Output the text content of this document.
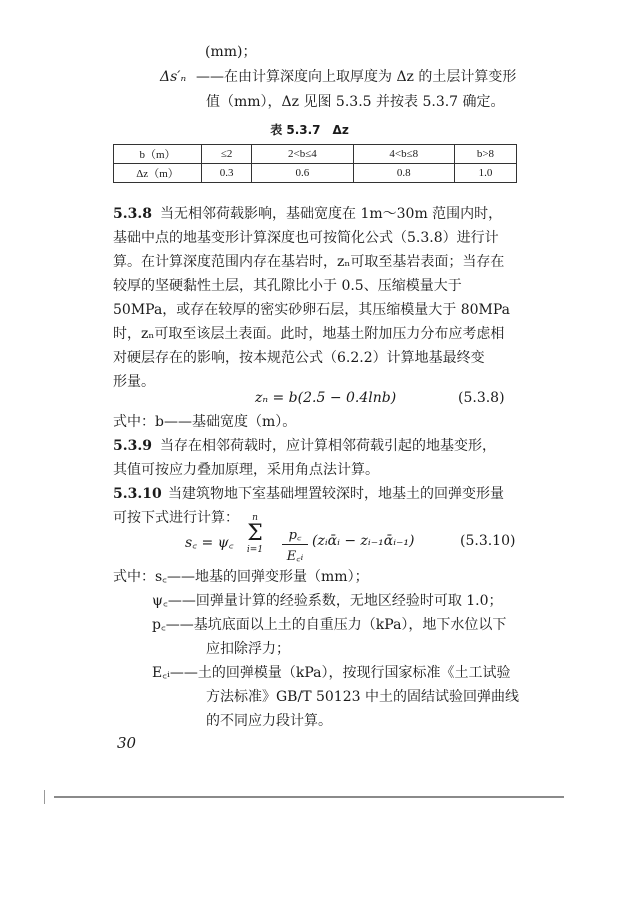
(mm)；
Δs′ₙ ——在由计算深度向上取厚度为 Δz 的土层计算变形
值（mm），Δz 见图 5.3.5 并按表 5.3.7 确定。
表 5.3.7　Δz
b（m）	≤2	2<b≤4	4<b≤8	b>8
Δz（m）	0.3	0.6	0.8	1.0
5.3.8 当无相邻荷载影响，基础宽度在 1m～30m 范围内时，
基础中点的地基变形计算深度也可按简化公式（5.3.8）进行计
算。在计算深度范围内存在基岩时，zₙ可取至基岩表面；当存在
较厚的坚硬黏性土层，其孔隙比小于 0.5、压缩模量大于
50MPa，或存在较厚的密实砂卵石层，其压缩模量大于 80MPa
时，zₙ可取至该层土表面。此时，地基土附加压力分布应考虑相
对硬层存在的影响，按本规范公式（6.2.2）计算地基最终变
形量。
zₙ = b(2.5 − 0.4lnb)	(5.3.8)
式中：b——基础宽度（m）。
5.3.9 当存在相邻荷载时，应计算相邻荷载引起的地基变形，
其值可按应力叠加原理，采用角点法计算。
5.3.10 当建筑物地下室基础埋置较深时，地基土的回弹变形量
可按下式进行计算：
s꜀ = ψ꜀
n
Σ
i=1
p꜀
E꜀ᵢ
(zᵢᾱᵢ − zᵢ₋₁ᾱᵢ₋₁)	(5.3.10)
式中：s꜀——地基的回弹变形量（mm）；
ψ꜀——回弹量计算的经验系数，无地区经验时可取 1.0；
p꜀——基坑底面以上土的自重压力（kPa），地下水位以下
应扣除浮力；
E꜀ᵢ——土的回弹模量（kPa），按现行国家标准《土工试验
方法标准》GB/T 50123 中土的固结试验回弹曲线
的不同应力段计算。
30
